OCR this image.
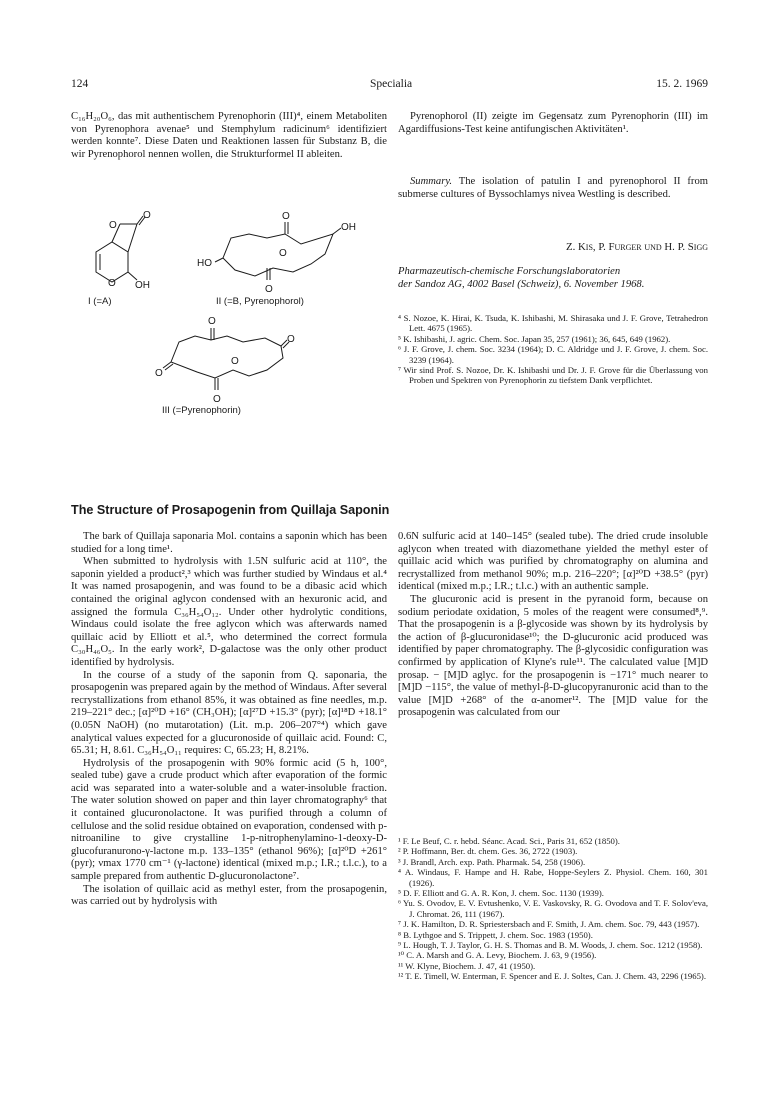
124	Specialia	15. 2. 1969
C₁₆H₂₀O₆, das mit authentischem Pyrenophorin (III)⁴, einem Metaboliten von Pyrenophora avenae⁵ und Stemphylum radicinum⁶ identifiziert werden konnte⁷. Diese Daten und Reaktionen lassen für Substanz B, die wir Pyrenophorol nennen wollen, die Strukturformel II ableiten.
Pyrenophorol (II) zeigte im Gegensatz zum Pyrenophorin (III) im Agardiffusions-Test keine antifungischen Aktivitäten¹.
Summary. The isolation of patulin I and pyrenophorol II from submerse cultures of Byssochlamys nivea Westling is described.
Z. Kis, P. Furger und H. P. Sigg
Pharmazeutisch-chemische Forschungslaboratorien
der Sandoz AG, 4002 Basel (Schweiz), 6. November 1968.
O
O
O OH
O
O
O
OH
HO
O
O
O
O
O
I (=A)	II (=B, Pyrenophorol)
III (=Pyrenophorin)

⁴ S. Nozoe, K. Hirai, K. Tsuda, K. Ishibashi, M. Shirasaka und J. F. Grove, Tetrahedron Lett. 4675 (1965).

⁵ K. Ishibashi, J. agric. Chem. Soc. Japan 35, 257 (1961); 36, 645, 649 (1962).

⁶ J. F. Grove, J. chem. Soc. 3234 (1964); D. C. Aldridge und J. F. Grove, J. chem. Soc. 3239 (1964).

⁷ Wir sind Prof. S. Nozoe, Dr. K. Ishibashi und Dr. J. F. Grove für die Überlassung von Proben und Spektren von Pyrenophorin zu tiefstem Dank verpflichtet.

The Structure of Prosapogenin from Quillaja Saponin

The bark of Quillaja saponaria Mol. contains a saponin which has been studied for a long time¹.

When submitted to hydrolysis with 1.5N sulfuric acid at 110°, the saponin yielded a product²,³ which was further studied by Windaus et al.⁴ It was named prosapogenin, and was found to be a dibasic acid which contained the original aglycon condensed with an hexuronic acid, and assigned the formula C₃₆H₅₄O₁₂. Under other hydrolytic conditions, Windaus could isolate the free aglycon which was afterwards named quillaic acid by Elliott et al.⁵, who determined the correct formula C₃₀H₄₆O₅. In the early work², D-galactose was the only other product identified by hydrolysis.

In the course of a study of the saponin from Q. saponaria, the prosapogenin was prepared again by the method of Windaus. After several recrystallizations from ethanol 85%, it was obtained as fine needles, m.p. 219–221° dec.; [α]²⁰D +16° (CH₃OH); [α]²⁷D +15.3° (pyr); [α]¹⁸D +18.1° (0.05N NaOH) (no mutarotation) (Lit. m.p. 206–207°⁴) which gave analytical values expected for a glucuronoside of quillaic acid. Found: C, 65.31; H, 8.61. C₃₆H₅₄O₁₁ requires: C, 65.23; H, 8.21%.

Hydrolysis of the prosapogenin with 90% formic acid (5 h, 100°, sealed tube) gave a crude product which after evaporation of the formic acid was separated into a water-soluble and a water-insoluble fraction. The water solution showed on paper and thin layer chromatography⁶ that it contained glucuronolactone. It was purified through a column of cellulose and the solid residue obtained on evaporation, condensed with p-nitroaniline to give crystalline 1-p-nitrophenylamino-1-deoxy-D-glucofuranurono-γ-lactone m.p. 133–135° (ethanol 96%); [α]²⁰D +261° (pyr); νmax 1770 cm⁻¹ (γ-lactone) identical (mixed m.p.; I.R.; t.l.c.), to a sample prepared from authentic D-glucuronolactone⁷.

The isolation of quillaic acid as methyl ester, from the prosapogenin, was carried out by hydrolysis with

0.6N sulfuric acid at 140–145° (sealed tube). The dried crude insoluble aglycon when treated with diazomethane yielded the methyl ester of quillaic acid which was purified by chromatography on alumina and recrystallized from methanol 90%; m.p. 216–220°; [α]²⁰D +38.5° (pyr) identical (mixed m.p.; I.R.; t.l.c.) with an authentic sample.

The glucuronic acid is present in the pyranoid form, because on sodium periodate oxidation, 5 moles of the reagent were consumed⁸,⁹. That the prosapogenin is a β-glycoside was shown by its hydrolysis by the action of β-glucuronidase¹⁰; the D-glucuronic acid produced was identified by paper chromatography. The β-glycosidic configuration was confirmed by application of Klyne's rule¹¹. The calculated value [M]D prosap. − [M]D aglyc. for the prosapogenin is −171° much nearer to [M]D −115°, the value of methyl-β-D-glucopyranuronic acid than to the value [M]D +268° of the α-anomer¹². The [M]D value for the prosapogenin was calculated from our

¹ F. Le Beuf, C. r. hebd. Séanc. Acad. Sci., Paris 31, 652 (1850).

² P. Hoffmann, Ber. dt. chem. Ges. 36, 2722 (1903).

³ J. Brandl, Arch. exp. Path. Pharmak. 54, 258 (1906).

⁴ A. Windaus, F. Hampe and H. Rabe, Hoppe-Seylers Z. Physiol. Chem. 160, 301 (1926).

⁵ D. F. Elliott and G. A. R. Kon, J. chem. Soc. 1130 (1939).

⁶ Yu. S. Ovodov, E. V. Evtushenko, V. E. Vaskovsky, R. G. Ovodova and T. F. Solov'eva, J. Chromat. 26, 111 (1967).

⁷ J. K. Hamilton, D. R. Spriestersbach and F. Smith, J. Am. chem. Soc. 79, 443 (1957).

⁸ B. Lythgoe and S. Trippett, J. chem. Soc. 1983 (1950).

⁹ L. Hough, T. J. Taylor, G. H. S. Thomas and B. M. Woods, J. chem. Soc. 1212 (1958).

¹⁰ C. A. Marsh and G. A. Levy, Biochem. J. 63, 9 (1956).

¹¹ W. Klyne, Biochem. J. 47, 41 (1950).

¹² T. E. Timell, W. Enterman, F. Spencer and E. J. Soltes, Can. J. Chem. 43, 2296 (1965).
